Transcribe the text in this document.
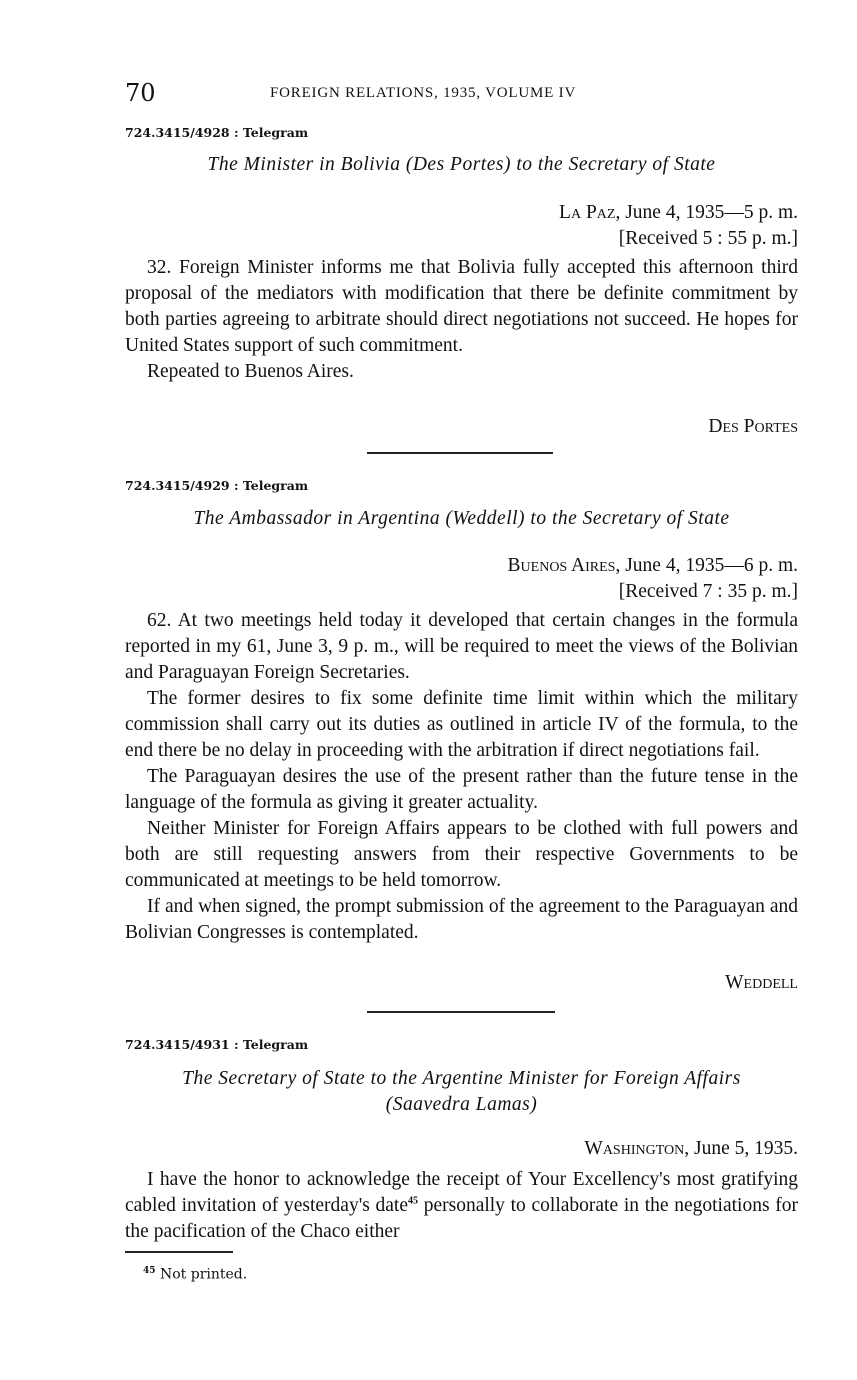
70	FOREIGN RELATIONS, 1935, VOLUME IV
724.3415/4928 : Telegram
The Minister in Bolivia (Des Portes) to the Secretary of State
La Paz, June 4, 1935—5 p. m.
[Received 5 : 55 p. m.]

32. Foreign Minister informs me that Bolivia fully accepted this afternoon third proposal of the mediators with modification that there be definite commitment by both parties agreeing to arbitrate should direct negotiations not succeed. He hopes for United States support of such commitment.

Repeated to Buenos Aires.

Des Portes
724.3415/4929 : Telegram
The Ambassador in Argentina (Weddell) to the Secretary of State
Buenos Aires, June 4, 1935—6 p. m.
[Received 7 : 35 p. m.]

62. At two meetings held today it developed that certain changes in the formula reported in my 61, June 3, 9 p. m., will be required to meet the views of the Bolivian and Paraguayan Foreign Secretaries.

The former desires to fix some definite time limit within which the military commission shall carry out its duties as outlined in article IV of the formula, to the end there be no delay in proceeding with the arbitration if direct negotiations fail.

The Paraguayan desires the use of the present rather than the future tense in the language of the formula as giving it greater actuality.

Neither Minister for Foreign Affairs appears to be clothed with full powers and both are still requesting answers from their respective Governments to be communicated at meetings to be held tomorrow.

If and when signed, the prompt submission of the agreement to the Paraguayan and Bolivian Congresses is contemplated.

Weddell
724.3415/4931 : Telegram
The Secretary of State to the Argentine Minister for Foreign Affairs
(Saavedra Lamas)
Washington, June 5, 1935.

I have the honor to acknowledge the receipt of Your Excellency's most gratifying cabled invitation of yesterday's date$^{45}$ personally to collaborate in the negotiations for the pacification of the Chaco either

$^{45}$ Not printed.
